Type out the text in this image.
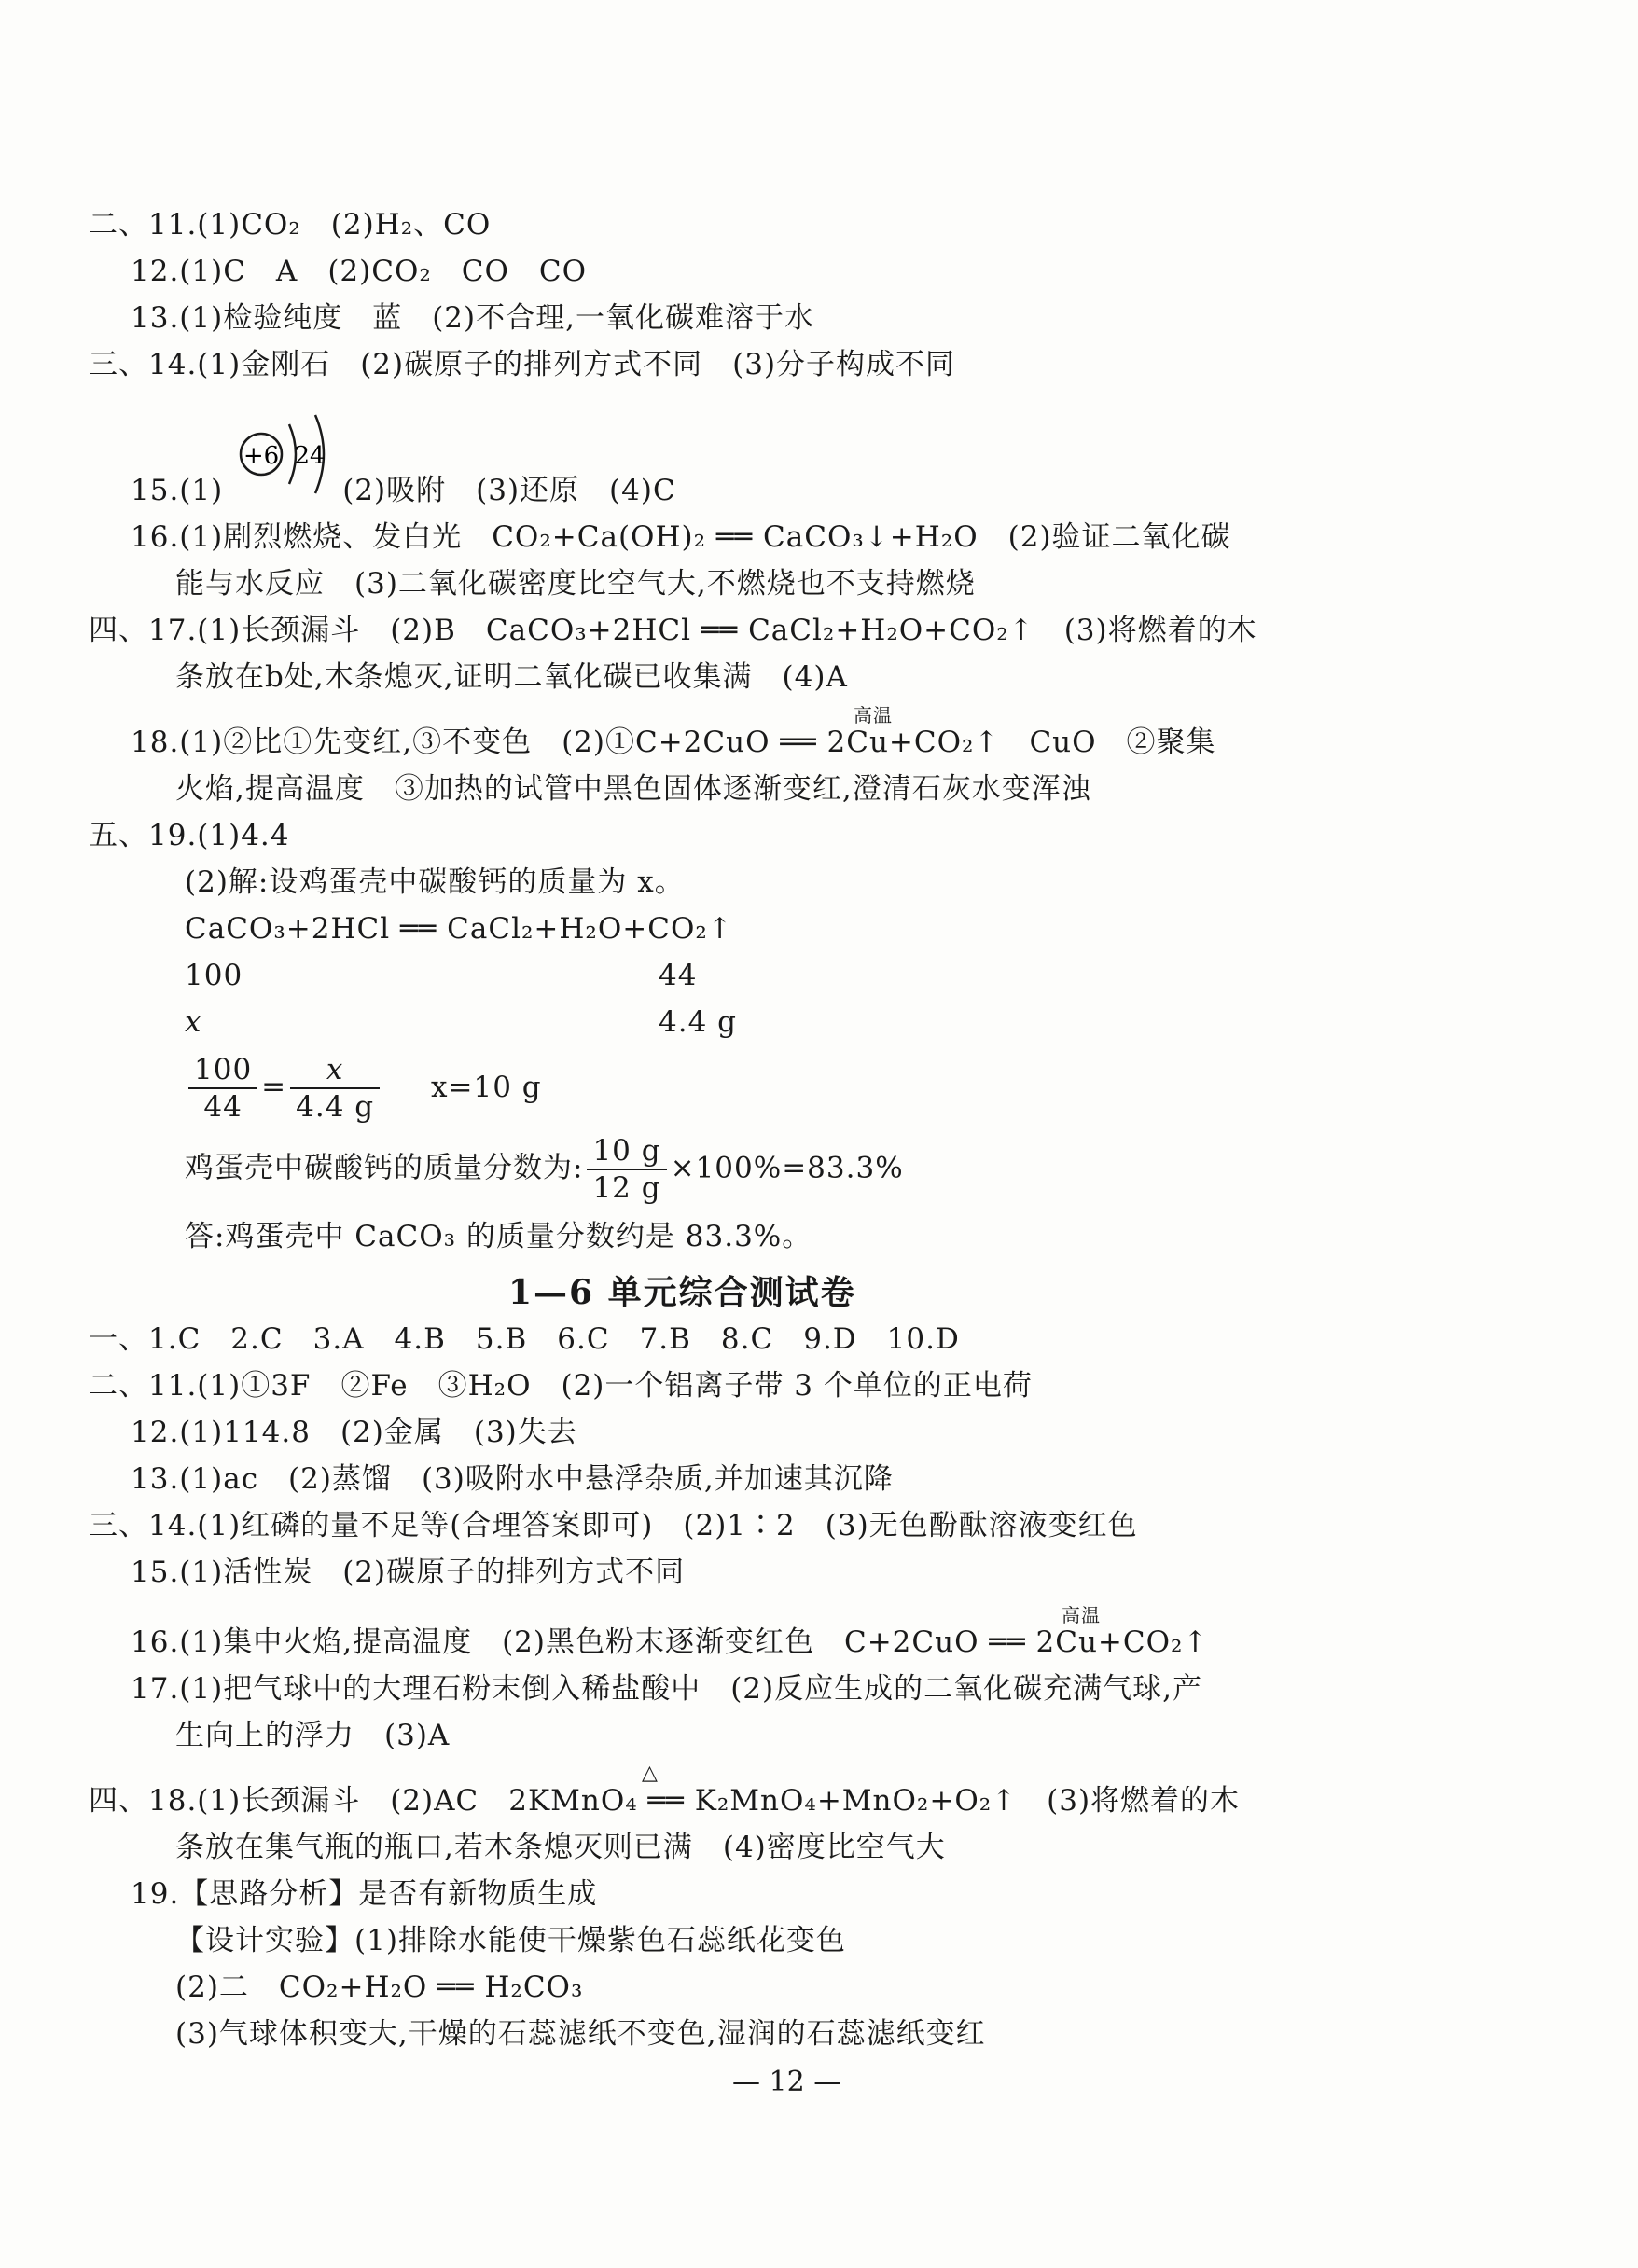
二、11.(1)CO₂　(2)H₂、CO
12.(1)C　A　(2)CO₂　CO　CO
13.(1)检验纯度　蓝　(2)不合理,一氧化碳难溶于水
三、14.(1)金刚石　(2)碳原子的排列方式不同　(3)分子构成不同
+6 24
15.(1)　　　　(2)吸附　(3)还原　(4)C
16.(1)剧烈燃烧、发白光　CO₂+Ca(OH)₂ ══ CaCO₃↓+H₂O　(2)验证二氧化碳
能与水反应　(3)二氧化碳密度比空气大,不燃烧也不支持燃烧
四、17.(1)长颈漏斗　(2)B　CaCO₃+2HCl ══ CaCl₂+H₂O+CO₂↑　(3)将燃着的木
条放在b处,木条熄灭,证明二氧化碳已收集满　(4)A
高温
18.(1)②比①先变红,③不变色　(2)①C+2CuO ══ 2Cu+CO₂↑　CuO　②聚集
火焰,提高温度　③加热的试管中黑色固体逐渐变红,澄清石灰水变浑浊
五、19.(1)4.4
(2)解:设鸡蛋壳中碳酸钙的质量为 x。
CaCO₃+2HCl ══ CaCl₂+H₂O+CO₂↑
100	44
x	4.4 g
$\frac{100}{44} = \frac{x}{4.4 g} x=10$ g
鸡蛋壳中碳酸钙的质量分数为: $\frac{10 g}{12 g} \times 100\%=83.3\%$
答:鸡蛋壳中 CaCO₃ 的质量分数约是 83.3%。
1—6 单元综合测试卷
一、1.C　2.C　3.A　4.B　5.B　6.C　7.B　8.C　9.D　10.D
二、11.(1)①3F　②Fe　③H₂O　(2)一个铝离子带 3 个单位的正电荷
12.(1)114.8　(2)金属　(3)失去
13.(1)ac　(2)蒸馏　(3)吸附水中悬浮杂质,并加速其沉降
三、14.(1)红磷的量不足等(合理答案即可)　(2)1∶2　(3)无色酚酞溶液变红色
15.(1)活性炭　(2)碳原子的排列方式不同
高温
16.(1)集中火焰,提高温度　(2)黑色粉末逐渐变红色　C+2CuO ══ 2Cu+CO₂↑
17.(1)把气球中的大理石粉末倒入稀盐酸中　(2)反应生成的二氧化碳充满气球,产
生向上的浮力　(3)A
△
四、18.(1)长颈漏斗　(2)AC　2KMnO₄ ══ K₂MnO₄+MnO₂+O₂↑　(3)将燃着的木
条放在集气瓶的瓶口,若木条熄灭则已满　(4)密度比空气大
19.【思路分析】是否有新物质生成
【设计实验】(1)排除水能使干燥紫色石蕊纸花变色
(2)二　CO₂+H₂O ══ H₂CO₃
(3)气球体积变大,干燥的石蕊滤纸不变色,湿润的石蕊滤纸变红
— 12 —
